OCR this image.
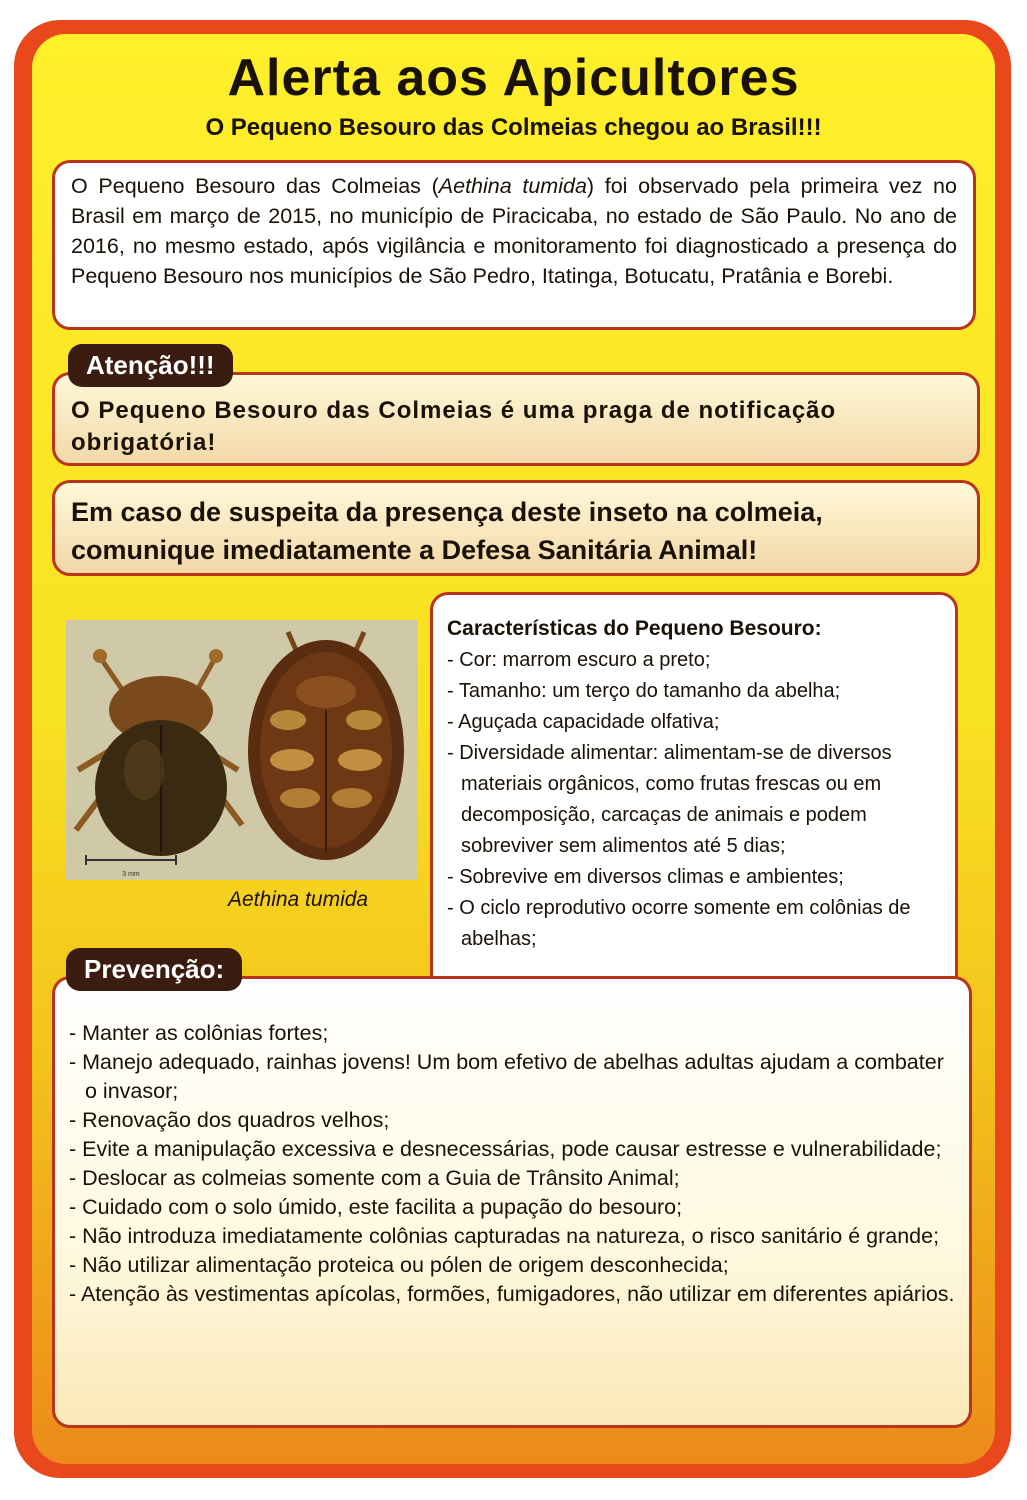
Alerta aos Apicultores
O Pequeno Besouro das Colmeias chegou ao Brasil!!!

O Pequeno Besouro das Colmeias (Aethina tumida) foi observado pela primeira vez no Brasil em março de 2015, no município de Piracicaba, no estado de São Paulo. No ano de 2016, no mesmo estado, após vigilância e monitoramento foi diagnosticado a presença do Pequeno Besouro nos municípios de São Pedro, Itatinga, Botucatu, Pratânia e Borebi.

O Pequeno Besouro das Colmeias é uma praga de notificação obrigatória!

Atenção!!!

Em caso de suspeita da presença deste inseto na colmeia, comunique imediatamente a Defesa Sanitária Animal!

3 mm
Aethina tumida
Características do Pequeno Besouro:
- Cor: marrom escuro a preto;
- Tamanho: um terço do tamanho da abelha;
- Aguçada capacidade olfativa;
- Diversidade alimentar: alimentam-se de diversos materiais orgânicos, como frutas frescas ou em decomposição, carcaças de animais e podem sobreviver sem alimentos até 5 dias;
- Sobrevive em diversos climas e ambientes;
- O ciclo reprodutivo ocorre somente em colônias de abelhas;
- Manter as colônias fortes;
- Manejo adequado, rainhas jovens! Um bom efetivo de abelhas adultas ajudam a combater o invasor;
- Renovação dos quadros velhos;
- Evite a manipulação excessiva e desnecessárias, pode causar estresse e vulnerabilidade;
- Deslocar as colmeias somente com a Guia de Trânsito Animal;
- Cuidado com o solo úmido, este facilita a pupação do besouro;
- Não introduza imediatamente colônias capturadas na natureza, o risco sanitário é grande;
- Não utilizar alimentação proteica ou pólen de origem desconhecida;
- Atenção às vestimentas apícolas, formões, fumigadores, não utilizar em diferentes apiários.
Prevenção:
